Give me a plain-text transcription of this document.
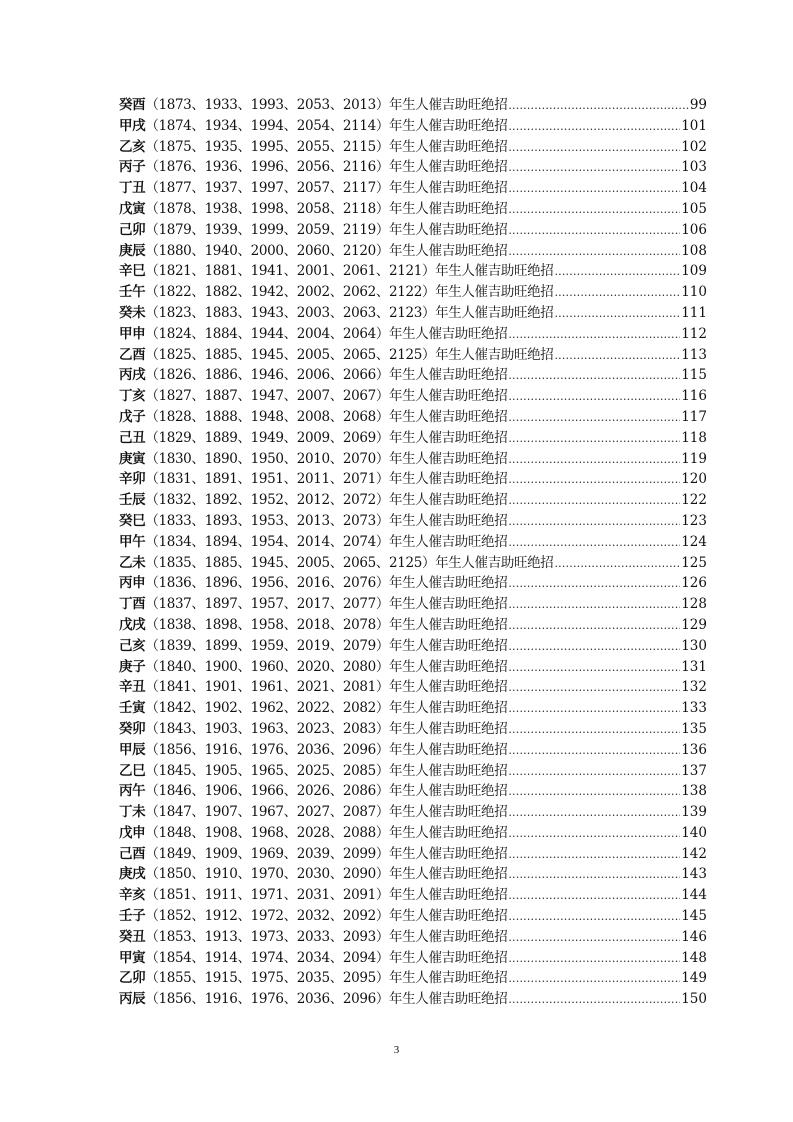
癸酉（1873、1933、1993、2053、2013）年生人催吉助旺绝招 .....	99
甲戌（1874、1934、1994、2054、2114）年生人催吉助旺绝招 .....	101
乙亥（1875、1935、1995、2055、2115）年生人催吉助旺绝招 .....	102
丙子（1876、1936、1996、2056、2116）年生人催吉助旺绝招 .....	103
丁丑（1877、1937、1997、2057、2117）年生人催吉助旺绝招 .....	104
戊寅（1878、1938、1998、2058、2118）年生人催吉助旺绝招 .....	105
己卯（1879、1939、1999、2059、2119）年生人催吉助旺绝招 .....	106
庚辰（1880、1940、2000、2060、2120）年生人催吉助旺绝招 .....	108
辛巳（1821、1881、1941、2001、2061、2121）年生人催吉助旺绝招 .....	109
壬午（1822、1882、1942、2002、2062、2122）年生人催吉助旺绝招 .....	110
癸未（1823、1883、1943、2003、2063、2123）年生人催吉助旺绝招 .....	111
甲申（1824、1884、1944、2004、2064）年生人催吉助旺绝招 .....	112
乙酉（1825、1885、1945、2005、2065、2125）年生人催吉助旺绝招 .....	113
丙戌（1826、1886、1946、2006、2066）年生人催吉助旺绝招 .....	115
丁亥（1827、1887、1947、2007、2067）年生人催吉助旺绝招 .....	116
戊子（1828、1888、1948、2008、2068）年生人催吉助旺绝招 .....	117
己丑（1829、1889、1949、2009、2069）年生人催吉助旺绝招 .....	118
庚寅（1830、1890、1950、2010、2070）年生人催吉助旺绝招 .....	119
辛卯（1831、1891、1951、2011、2071）年生人催吉助旺绝招 .....	120
壬辰（1832、1892、1952、2012、2072）年生人催吉助旺绝招 .....	122
癸巳（1833、1893、1953、2013、2073）年生人催吉助旺绝招 .....	123
甲午（1834、1894、1954、2014、2074）年生人催吉助旺绝招 .....	124
乙未（1835、1885、1945、2005、2065、2125）年生人催吉助旺绝招 .....	125
丙申（1836、1896、1956、2016、2076）年生人催吉助旺绝招 .....	126
丁酉（1837、1897、1957、2017、2077）年生人催吉助旺绝招 .....	128
戊戌（1838、1898、1958、2018、2078）年生人催吉助旺绝招 .....	129
己亥（1839、1899、1959、2019、2079）年生人催吉助旺绝招 .....	130
庚子（1840、1900、1960、2020、2080）年生人催吉助旺绝招 .....	131
辛丑（1841、1901、1961、2021、2081）年生人催吉助旺绝招 .....	132
壬寅（1842、1902、1962、2022、2082）年生人催吉助旺绝招 .....	133
癸卯（1843、1903、1963、2023、2083）年生人催吉助旺绝招 .....	135
甲辰（1856、1916、1976、2036、2096）年生人催吉助旺绝招 .....	136
乙巳（1845、1905、1965、2025、2085）年生人催吉助旺绝招 .....	137
丙午（1846、1906、1966、2026、2086）年生人催吉助旺绝招 .....	138
丁未（1847、1907、1967、2027、2087）年生人催吉助旺绝招 .....	139
戊申（1848、1908、1968、2028、2088）年生人催吉助旺绝招 .....	140
己酉（1849、1909、1969、2039、2099）年生人催吉助旺绝招 .....	142
庚戌（1850、1910、1970、2030、2090）年生人催吉助旺绝招 .....	143
辛亥（1851、1911、1971、2031、2091）年生人催吉助旺绝招 .....	144
壬子（1852、1912、1972、2032、2092）年生人催吉助旺绝招 .....	145
癸丑（1853、1913、1973、2033、2093）年生人催吉助旺绝招 .....	146
甲寅（1854、1914、1974、2034、2094）年生人催吉助旺绝招 .....	148
乙卯（1855、1915、1975、2035、2095）年生人催吉助旺绝招 .....	149
丙辰（1856、1916、1976、2036、2096）年生人催吉助旺绝招 .....	150
3
